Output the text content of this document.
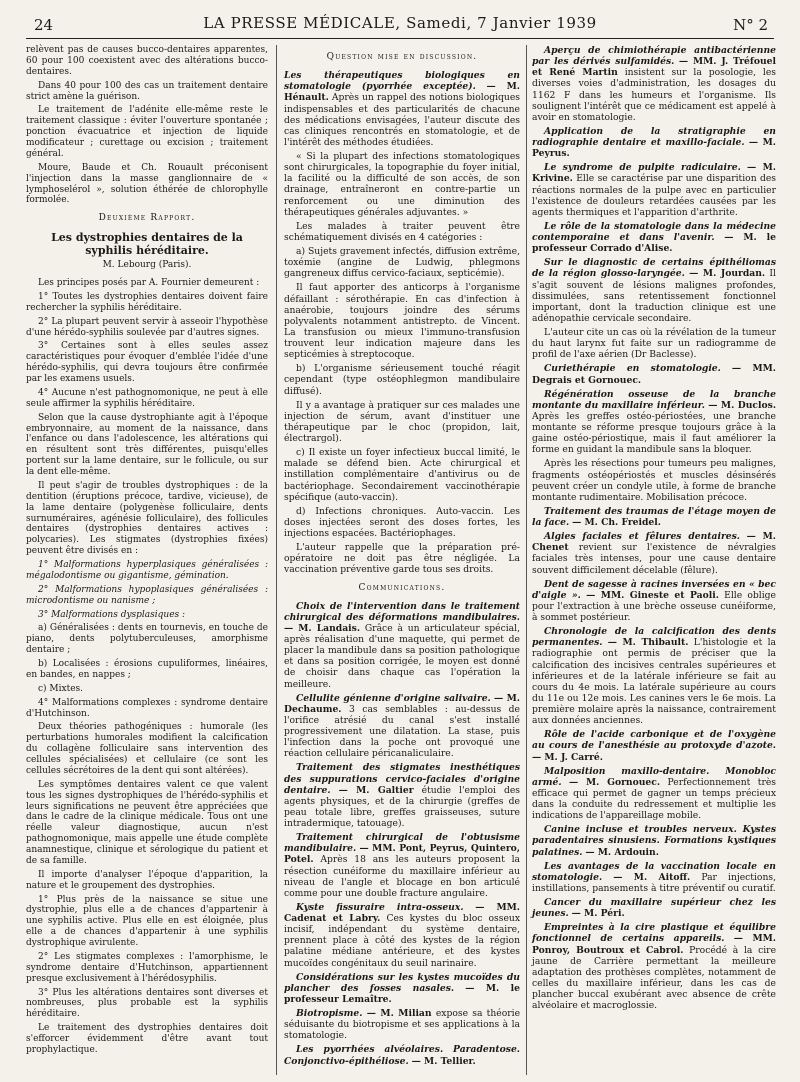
24	LA PRESSE MÉDICALE, Samedi, 7 Janvier 1939	N° 2

relèvent pas de causes bucco-dentaires apparentes, 60 pour 100 coexistent avec des altérations bucco-dentaires.

Dans 40 pour 100 des cas un traitement dentaire strict amène la guérison.

Le traitement de l'adénite elle-même reste le traitement classique : éviter l'ouverture spontanée ; ponction évacuatrice et injection de liquide modificateur ; curettage ou excision ; traitement général.

Moure, Baude et Ch. Rouault préconisent l'injection dans la masse ganglionnaire de « lymphoselérol », solution éthérée de chlorophylle formolée.

Deuxième Rapport.
Les dystrophies dentaires de la syphilis héréditaire.
M. Lebourg (Paris).

Les principes posés par A. Fournier demeurent :

1° Toutes les dystrophies dentaires doivent faire rechercher la syphilis héréditaire.

2° La plupart peuvent servir à asseoir l'hypothèse d'une hérédo-syphilis soulevée par d'autres signes.

3° Certaines sont à elles seules assez caractéristiques pour évoquer d'emblée l'idée d'une hérédo-syphilis, qui devra toujours être confirmée par les examens usuels.

4° Aucune n'est pathognomonique, ne peut à elle seule affirmer la syphilis héréditaire.

Selon que la cause dystrophiante agit à l'époque embryonnaire, au moment de la naissance, dans l'enfance ou dans l'adolescence, les altérations qui en résultent sont très différentes, puisqu'elles portent sur la lame dentaire, sur le follicule, ou sur la dent elle-même.

Il peut s'agir de troubles dystrophiques : de la dentition (éruptions précoce, tardive, vicieuse), de la lame dentaire (polygenèse folliculaire, dents surnuméraires, agénésie folliculaire), des follicules dentaires (dystrophies dentaires actives : polycaries). Les stigmates (dystrophies fixées) peuvent être divisés en :

1° Malformations hyperplasiques généralisées : mégalodontisme ou gigantisme, gémination.

2° Malformations hypoplasiques généralisées : microdontisme ou nanisme ;

3° Malformations dysplasiques :

a) Généralisées : dents en tournevis, en touche de piano, dents polytuberculeuses, amorphisme dentaire ;

b) Localisées : érosions cupuliformes, linéaires, en bandes, en nappes ;

c) Mixtes.

4° Malformations complexes : syndrome dentaire d'Hutchinson.

Deux théories pathogéniques : humorale (les perturbations humorales modifient la calcification du collagène folliculaire sans intervention des cellules spécialisées) et cellulaire (ce sont les cellules sécrétoires de la dent qui sont altérées).

Les symptômes dentaires valent ce que valent tous les signes dystrophiques de l'hérédo-syphilis et leurs significations ne peuvent être appréciées que dans le cadre de la clinique médicale. Tous ont une réelle valeur diagnostique, aucun n'est pathognomonique, mais appelle une étude complète anamnestique, clinique et sérologique du patient et de sa famille.

Il importe d'analyser l'époque d'apparition, la nature et le groupement des dystrophies.

1° Plus près de la naissance se situe une dystrophie, plus elle a de chances d'appartenir à une syphilis active. Plus elle en est éloignée, plus elle a de chances d'appartenir à une syphilis dystrophique avirulente.

2° Les stigmates complexes : l'amorphisme, le syndrome dentaire d'Hutchinson, appartiennent presque exclusivement à l'hérédosyphilis.

3° Plus les altérations dentaires sont diverses et nombreuses, plus probable est la syphilis héréditaire.

Le traitement des dystrophies dentaires doit s'efforcer évidemment d'être avant tout prophylactique.

Question mise en discussion.

Les thérapeutiques biologiques en stomatologie (pyorrhée exceptée). — M. Hénault. Après un rappel des notions biologiques indispensables et des particularités de chacune des médications envisagées, l'auteur discute des cas cliniques rencontrés en stomatologie, et de l'intérêt des méthodes étudiées.

« Si la plupart des infections stomatologiques sont chirurgicales, la topographie du foyer initial, la facilité ou la difficulté de son accès, de son drainage, entraîneront en contre-partie un renforcement ou une diminution des thérapeutiques générales adjuvantes. »

Les malades à traiter peuvent être schématiquement divisés en 4 catégories :

a) Sujets gravement infectés, diffusion extrême, toxémie (angine de Ludwig, phlegmons gangreneux diffus cervico-faciaux, septicémie).

Il faut apporter des anticorps à l'organisme défaillant : sérothérapie. En cas d'infection à anaérobie, toujours joindre des sérums polyvalents notamment antistrepto. de Vincent. La transfusion ou mieux l'immuno-transfusion trouvent leur indication majeure dans les septicémies à streptocoque.

b) L'organisme sérieusement touché réagit cependant (type ostéophlegmon mandibulaire diffusé).

Il y a avantage à pratiquer sur ces malades une injection de sérum, avant d'instituer une thérapeutique par le choc (propidon, lait, électrargol).

c) Il existe un foyer infectieux buccal limité, le malade se défend bien. Acte chirurgical et instillation complémentaire d'antivirus ou de bactériophage. Secondairement vaccinothérapie spécifique (auto-vaccin).

d) Infections chroniques. Auto-vaccin. Les doses injectées seront des doses fortes, les injections espacées. Bactériophages.

L'auteur rappelle que la préparation pré-opératoire ne doit pas être négligée. La vaccination préventive garde tous ses droits.

Communications.

Choix de l'intervention dans le traitement chirurgical des déformations mandibulaires. — M. Landais. Grâce à un articulateur spécial, après réalisation d'une maquette, qui permet de placer la mandibule dans sa position pathologique et dans sa position corrigée, le moyen est donné de choisir dans chaque cas l'opération la meilleure.

Cellulite génienne d'origine salivaire. — M. Dechaume. 3 cas semblables : au-dessus de l'orifice atrésié du canal s'est installé progressivement une dilatation. La stase, puis l'infection dans la poche ont provoqué une réaction cellulaire péricanaliculaire.

Traitement des stigmates inesthétiques des suppurations cervico-faciales d'origine dentaire. — M. Galtier étudie l'emploi des agents physiques, et de la chirurgie (greffes de peau totale libre, greffes graisseuses, suture intradermique, tatouage).

Traitement chirurgical de l'obtusisme mandibulaire. — MM. Pont, Peyrus, Quintero, Potel. Après 18 ans les auteurs proposent la résection cunéiforme du maxillaire inférieur au niveau de l'angle et blocage en bon articulé comme pour une double fracture angulaire.

Kyste fissuraire intra-osseux. — MM. Cadenat et Labry. Ces kystes du bloc osseux incisif, indépendant du système dentaire, prennent place à côté des kystes de la région palatine médiane antérieure, et des kystes mucoïdes congénitaux du seuil narinaire.

Considérations sur les kystes mucoïdes du plancher des fosses nasales. — M. le professeur Lemaître.

Biotropisme. — M. Milian expose sa théorie séduisante du biotropisme et ses applications à la stomatologie.

Les pyorrhées alvéolaires. Paradentose. Conjonctivo-épithéliose. — M. Tellier.

Aperçu de chimiothérapie antibactérienne par les dérivés sulfamidés. — MM. J. Tréfouel et René Martin insistent sur la posologie, les diverses voies d'administration, les dosages du 1162 F dans les humeurs et l'organisme. Ils soulignent l'intérêt que ce médicament est appelé à avoir en stomatologie.

Application de la stratigraphie en radiographie dentaire et maxillo-faciale. — M. Peyrus.

Le syndrome de pulpite radiculaire. — M. Krivine. Elle se caractérise par une disparition des réactions normales de la pulpe avec en particulier l'existence de douleurs retardées causées par les agents thermiques et l'apparition d'arthrite.

Le rôle de la stomatologie dans la médecine contemporaine et dans l'avenir. — M. le professeur Corrado d'Alise.

Sur le diagnostic de certains épithéliomas de la région glosso-laryngée. — M. Jourdan. Il s'agit souvent de lésions malignes profondes, dissimulées, sans retentissement fonctionnel important, dont la traduction clinique est une adénopathie cervicale secondaire.

L'auteur cite un cas où la révélation de la tumeur du haut larynx fut faite sur un radiogramme de profil de l'axe aérien (Dr Baclesse).

Curiethérapie en stomatologie. — MM. Degrais et Gornouec.

Régénération osseuse de la branche montante du maxillaire inférieur. — M. Duclos. Après les greffes ostéo-périostées, une branche montante se réforme presque toujours grâce à la gaine ostéo-périostique, mais il faut améliorer la forme en guidant la mandibule sans la bloquer.

Après les résections pour tumeurs peu malignes, fragments ostéopériostés et muscles désinsérés peuvent créer un condyle utile, à forme de branche montante rudimentaire. Mobilisation précoce.

Traitement des traumas de l'étage moyen de la face. — M. Ch. Freidel.

Algies faciales et fêlures dentaires. — M. Chenet revient sur l'existence de névralgies faciales très intenses, pour une cause dentaire souvent difficilement décelable (fêlure).

Dent de sagesse à racines inversées en « bec d'aigle ». — MM. Gineste et Paoli. Elle oblige pour l'extraction à une brèche osseuse cunéiforme, à sommet postérieur.

Chronologie de la calcification des dents permanentes. — M. Thibault. L'histologie et la radiographie ont permis de préciser que la calcification des incisives centrales supérieures et inférieures et de la latérale inférieure se fait au cours du 4e mois. La latérale supérieure au cours du 11e ou 12e mois. Les canines vers le 6e mois. La première molaire après la naissance, contrairement aux données anciennes.

Rôle de l'acide carbonique et de l'oxygène au cours de l'anesthésie au protoxyde d'azote. — M. J. Carré.

Malposition maxillo-dentaire. Monobloc armé. — M. Gornouec. Perfectionnement très efficace qui permet de gagner un temps précieux dans la conduite du redressement et multiplie les indications de l'appareillage mobile.

Canine incluse et troubles nerveux. Kystes paradentaires sinusiens. Formations kystiques palatines. — M. Ardouin.

Les avantages de la vaccination locale en stomatologie. — M. Aitoff. Par injections, instillations, pansements à titre préventif ou curatif.

Cancer du maxillaire supérieur chez les jeunes. — M. Péri.

Empreintes à la cire plastique et équilibre fonctionnel de certains appareils. — MM. Ponroy, Boutroux et Cabrol. Procédé à la cire jaune de Carrière permettant la meilleure adaptation des prothèses complètes, notamment de celles du maxillaire inférieur, dans les cas de plancher buccal exubérant avec absence de crête alvéolaire et macroglossie.
